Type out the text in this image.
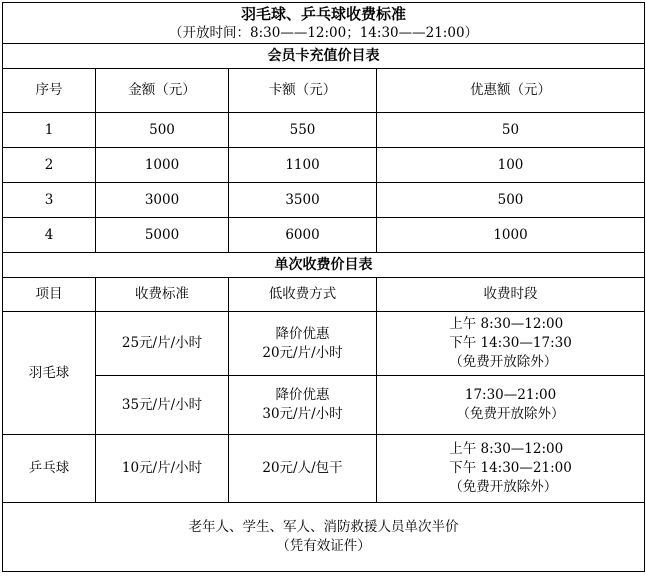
羽毛球、乒乓球收费标准
（开放时间：8:30——12:00；14:30——21:00）			

会员卡充值价目表			
序号	金额（元）	卡额（元）	优惠额（元）
1	500	550	50
2	1000	1100	100
3	3000	3500	500
4	5000	6000	1000
单次收费价目表			
项目	收费标准	低收费方式	收费时段
羽毛球	25元/片/小时	降价优惠
20元/片/小时	上午 8:30—12:00
下午 14:30—17:30
（免费开放除外）

	35元/片/小时	降价优惠
30元/片/小时	17:30—21:00
（免费开放除外）

乒乓球	10元/片/小时	20元/人/包干	上午 8:30—12:00
下午 14:30—21:00
（免费开放除外）

老年人、学生、军人、消防救援人员单次半价
（凭有效证件）			
